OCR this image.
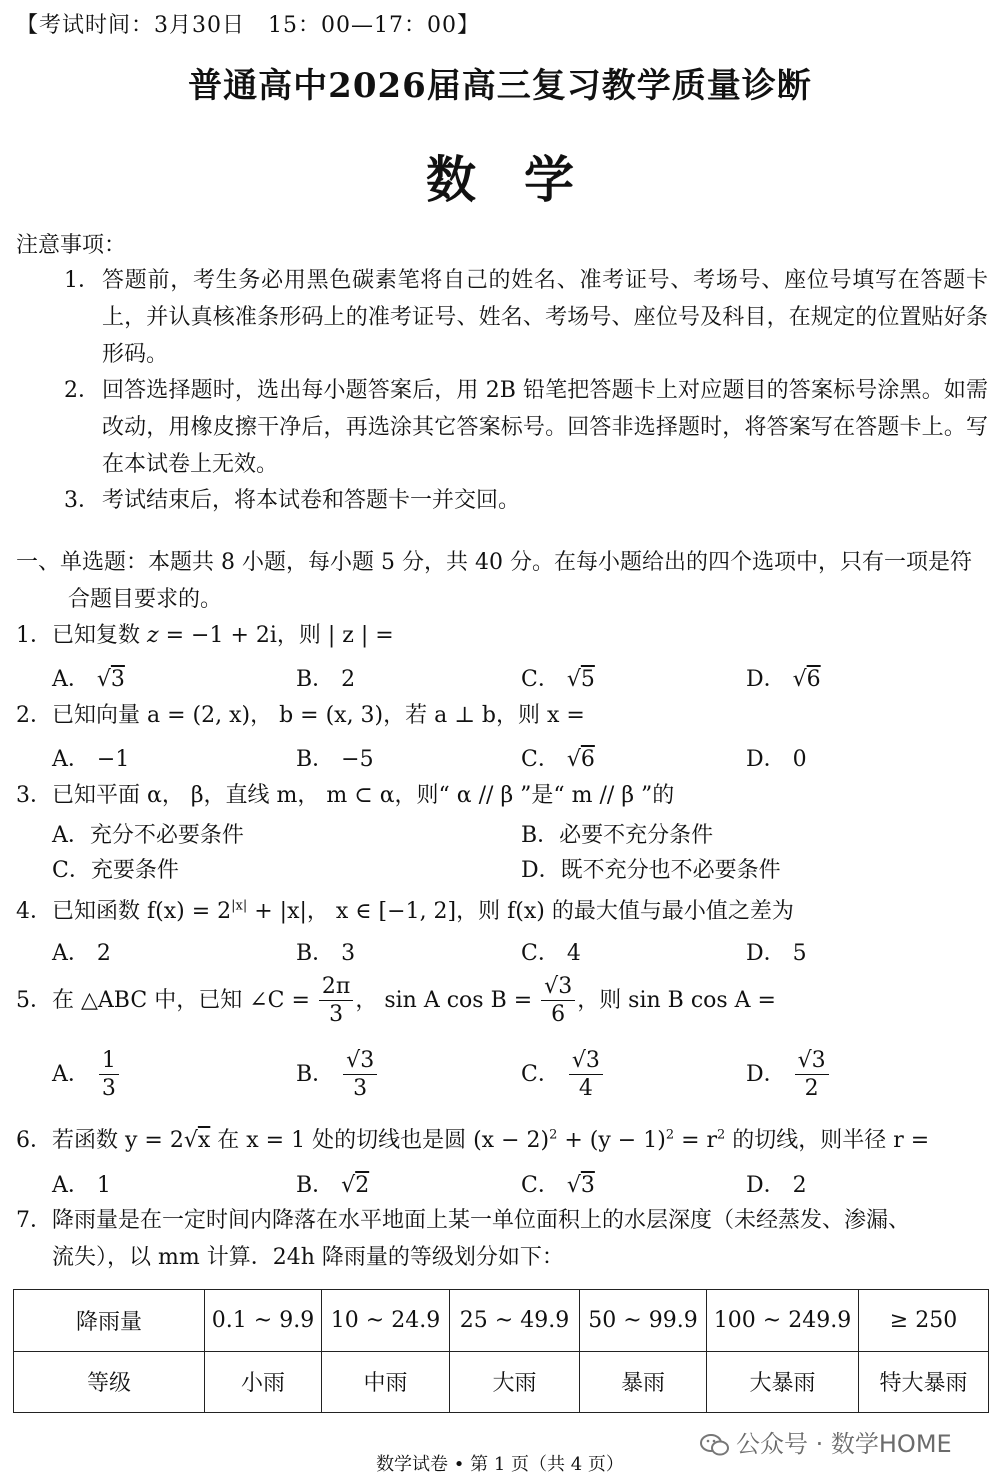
【考试时间：3月30日　15：00—17：00】
普通高中2026届高三复习教学质量诊断
数学
注意事项：
1． 答题前，考生务必用黑色碳素笔将自己的姓名、准考证号、考场号、座位号填写在答题卡上，并认真核准条形码上的准考证号、姓名、考场号、座位号及科目，在规定的位置贴好条形码。
2． 回答选择题时，选出每小题答案后，用 2B 铅笔把答题卡上对应题目的答案标号涂黑。如需改动，用橡皮擦干净后，再选涂其它答案标号。回答非选择题时，将答案写在答题卡上。写在本试卷上无效。
3． 考试结束后，将本试卷和答题卡一并交回。
一、单选题：本题共 8 小题，每小题 5 分，共 40 分。在每小题给出的四个选项中，只有一项是符合题目要求的。
1．已知复数 z = −1 + 2i，则 | z | =
A． √3	B． 2	C． √5	D． √6
2．已知向量 a = (2, x)， b = (x, 3)，若 a ⊥ b，则 x =
A． −1	B． −5	C． √6	D． 0
3．已知平面 α， β，直线 m， m ⊂ α，则“ α // β ”是“ m // β ”的
A．充分不必要条件	B．必要不充分条件
C．充要条件	D．既不充分也不必要条件
4．已知函数 $f(x) = 2^{|x|} + |x|$， x ∈ [−1, 2]，则 f(x) 的最大值与最小值之差为
A． 2	B． 3	C． 4	D． 5
5．在 △ABC 中，已知 ∠C = $\frac{2\pi}{3}$ ， sin A $\cos B = \frac{√3}{6}$ ，则 sin B cos A =
A． $\frac{1}{3}$	B． $\frac{√3}{3}$	C． $\frac{√3}{4}$	D． $\frac{√3}{2}$
6．若函数 y = 2√x 在 x = 1 处的切线也是圆 $(x - 2)^2 + (y - 1)^2 = r^2$ 的切线，则半径 r =
A． 1	B． √2	C． √3	D． 2
7．降雨量是在一定时间内降落在水平地面上某一单位面积上的水层深度（未经蒸发、渗漏、
流失），以 mm 计算．24h 降雨量的等级划分如下：
降雨量	0.1 ~ 9.9	10 ~ 24.9	25 ~ 49.9	50 ~ 99.9	100 ~ 249.9	≥ 250
等级	小雨	中雨	大雨	暴雨	大暴雨	特大暴雨
公众号 · 数学HOME
数学试卷 • 第 1 页（共 4 页）
